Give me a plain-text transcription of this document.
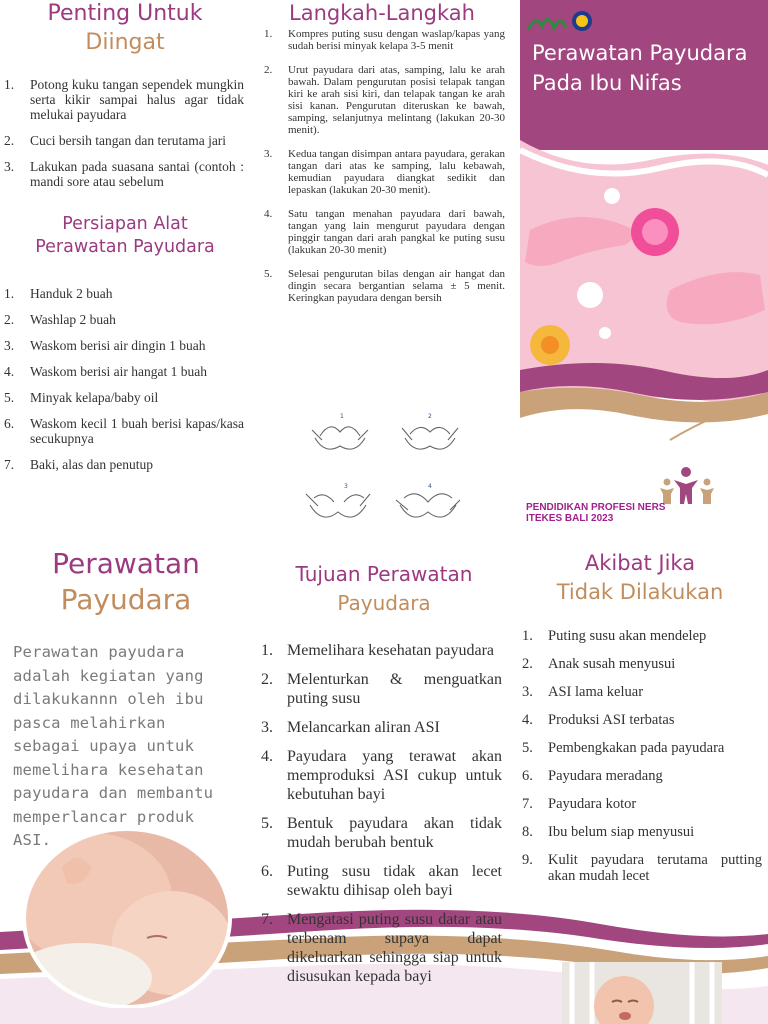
Penting Untuk
Diingat
1.	Potong kuku tangan sependek mungkin serta kikir sampai halus agar tidak melukai payudara
2.	Cuci bersih tangan dan terutama jari
3.	Lakukan pada suasana santai (contoh : mandi sore atau sebelum
Persiapan Alat
Perawatan Payudara
1.	Handuk 2 buah
2.	Washlap 2 buah
3.	Waskom berisi air dingin 1 buah
4.	Waskom berisi air hangat 1 buah
5.	Minyak kelapa/baby oil
6.	Waskom kecil 1 buah berisi kapas/kasa secukupnya
7.	Baki, alas dan penutup
Langkah-Langkah
1.	Kompres puting susu dengan waslap/kapas yang sudah berisi minyak kelapa 3-5 menit
2.	Urut payudara dari atas, samping, lalu ke arah bawah. Dalam pengurutan posisi telapak tangan kiri ke arah sisi kiri, dan telapak tangan ke arah sisi kanan. Pengurutan diteruskan ke bawah, samping, selanjutnya melintang (lakukan 20-30 menit).
3.	Kedua tangan disimpan antara payudara, gerakan tangan dari atas ke samping, lalu kebawah, kemudian payudara diangkat sedikit dan lepaskan (lakukan 20-30 menit).
4.	Satu tangan menahan payudara dari bawah, tangan yang lain mengurut payudara dengan pinggir tangan dari arah pangkal ke puting susu (lakukan 20-30 menit)
5.	Selesai pengurutan bilas dengan air hangat dan dingin secara bergantian selama ± 5 menit. Keringkan payudara dengan bersih
1	2
3	4
Perawatan Payudara
Pada Ibu Nifas
PENDIDIKAN PROFESI NERS
ITEKES BALI 2023
Perawatan
Payudara
Perawatan payudara adalah kegiatan yang dilakukannn oleh ibu pasca melahirkan sebagai upaya untuk memelihara kesehatan payudara dan membantu memperlancar produk ASI.
Tujuan Perawatan
Payudara
1. Memelihara kesehatan payudara
2. Melenturkan & menguatkan puting susu
3. Melancarkan aliran ASI
4. Payudara yang terawat akan memproduksi ASI cukup untuk kebutuhan bayi
5. Bentuk payudara akan tidak mudah berubah bentuk
6. Puting susu tidak akan lecet sewaktu dihisap oleh bayi
7. Mengatasi puting susu datar atau terbenam supaya dapat dikeluarkan sehingga siap untuk disusukan kepada bayi
Akibat Jika
Tidak Dilakukan
1.	Puting susu akan mendelep
2.	Anak susah menyusui
3.	ASI lama keluar
4.	Produksi ASI terbatas
5.	Pembengkakan pada payudara
6.	Payudara meradang
7.	Payudara kotor
8.	Ibu belum siap menyusui
9.	Kulit payudara terutama putting akan mudah lecet
